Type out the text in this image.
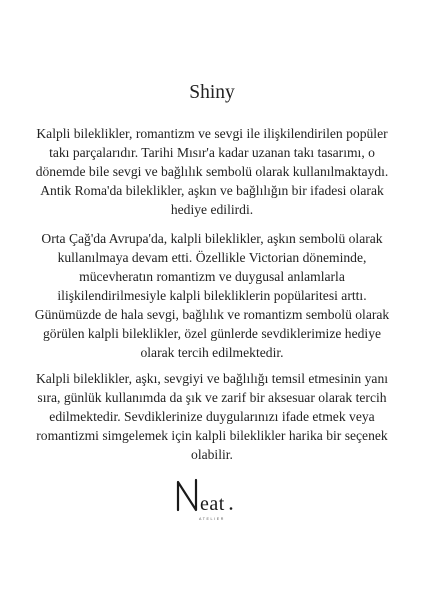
Shiny

Kalpli bileklikler, romantizm ve sevgi ile ilişkilendirilen popüler
takı parçalarıdır. Tarihi Mısır'a kadar uzanan takı tasarımı, o
dönemde bile sevgi ve bağlılık sembolü olarak kullanılmaktaydı.
Antik Roma'da bileklikler, aşkın ve bağlılığın bir ifadesi olarak
hediye edilirdi.

Orta Çağ'da Avrupa'da, kalpli bileklikler, aşkın sembolü olarak
kullanılmaya devam etti. Özellikle Victorian döneminde,
mücevheratın romantizm ve duygusal anlamlarla
ilişkilendirilmesiyle kalpli bilekliklerin popülaritesi arttı.
Günümüzde de hala sevgi, bağlılık ve romantizm sembolü olarak
görülen kalpli bileklikler, özel günlerde sevdiklerimize hediye
olarak tercih edilmektedir.

Kalpli bileklikler, aşkı, sevgiyi ve bağlılığı temsil etmesinin yanı
sıra, günlük kullanımda da şık ve zarif bir aksesuar olarak tercih
edilmektedir. Sevdiklerinize duygularınızı ifade etmek veya
romantizmi simgelemek için kalpli bileklikler harika bir seçenek
olabilir.

eat
ATELIER
